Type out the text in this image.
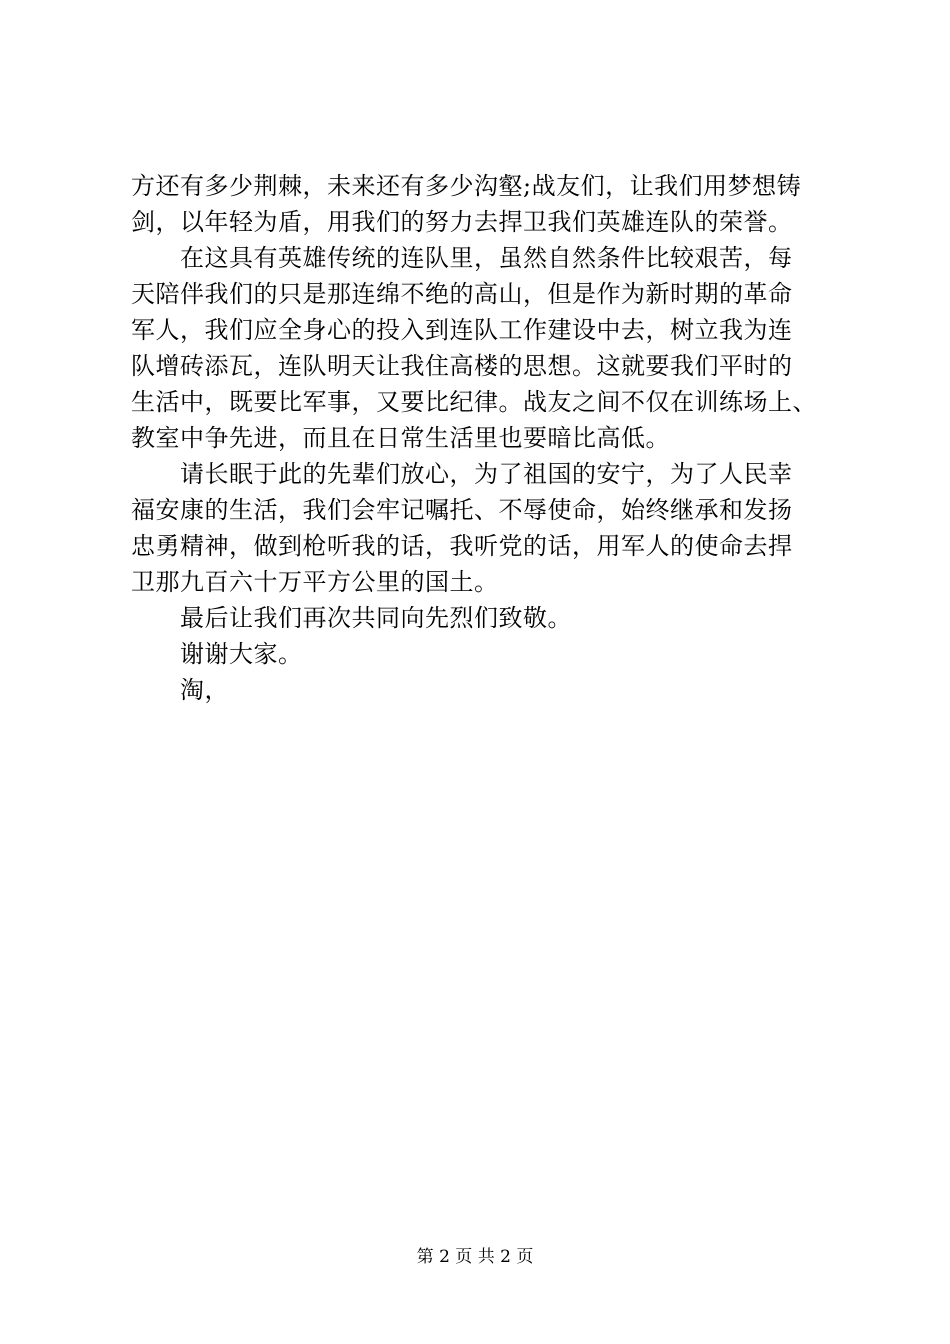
方还有多少荆棘，未来还有多少沟壑;战友们，让我们用梦想铸
剑，以年轻为盾，用我们的努力去捍卫我们英雄连队的荣誉。
在这具有英雄传统的连队里，虽然自然条件比较艰苦，每
天陪伴我们的只是那连绵不绝的高山，但是作为新时期的革命
军人，我们应全身心的投入到连队工作建设中去，树立我为连
队增砖添瓦，连队明天让我住高楼的思想。这就要我们平时的
生活中，既要比军事，又要比纪律。战友之间不仅在训练场上、
教室中争先进，而且在日常生活里也要暗比高低。
请长眠于此的先辈们放心，为了祖国的安宁，为了人民幸
福安康的生活，我们会牢记嘱托、不辱使命，始终继承和发扬
忠勇精神，做到枪听我的话，我听党的话，用军人的使命去捍
卫那九百六十万平方公里的国土。
最后让我们再次共同向先烈们致敬。
谢谢大家。
淘，
第 2 页 共 2 页
